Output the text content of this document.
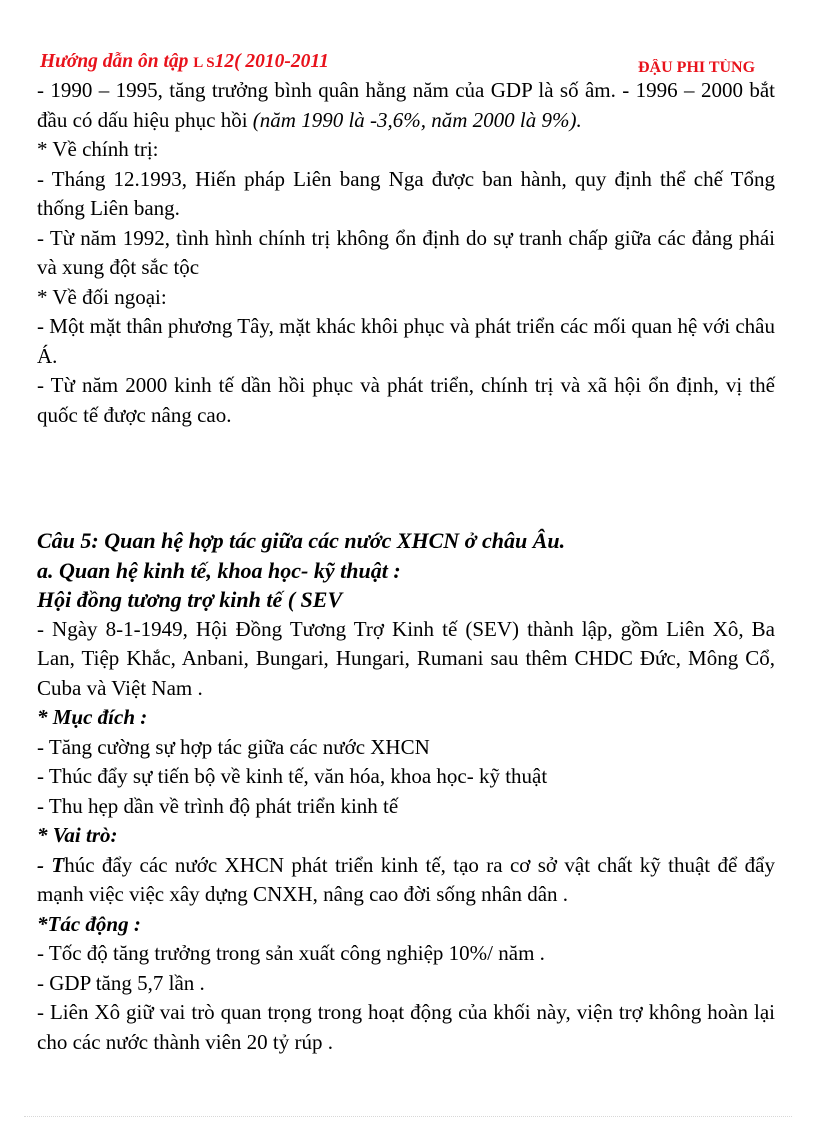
Hướng dẫn ôn tập L S12( 2010-2011	ĐẬU PHI TÙNG

- 1990 – 1995, tăng trưởng bình quân hằng năm của GDP là số âm. - 1996 – 2000 bắt đầu có dấu hiệu phục hồi (năm 1990 là -3,6%, năm 2000 là 9%).

* Về chính trị:

- Tháng 12.1993, Hiến pháp Liên bang Nga được ban hành, quy định thể chế Tổng thống Liên bang.

- Từ năm 1992, tình hình chính trị không ổn định do sự tranh chấp giữa các đảng phái và xung đột sắc tộc

* Về đối ngoại:

- Một mặt thân phương Tây, mặt khác khôi phục và phát triển các mối quan hệ với châu Á.

- Từ năm 2000 kinh tế dần hồi phục và phát triển, chính trị và xã hội ổn định, vị thế quốc tế được nâng cao.

Câu 5: Quan hệ hợp tác giữa các nước XHCN ở châu Âu.

a. Quan hệ kinh tế, khoa học- kỹ thuật :

Hội đồng tương trợ kinh tế ( SEV

- Ngày 8-1-1949, Hội Đồng Tương Trợ Kinh tế (SEV) thành lập, gồm Liên Xô, Ba Lan, Tiệp Khắc, Anbani, Bungari, Hungari, Rumani sau thêm CHDC Đức, Mông Cổ, Cuba và Việt Nam .

* Mục đích :

- Tăng cường sự hợp tác giữa các nước XHCN

- Thúc đẩy sự tiến bộ về kinh tế, văn hóa, khoa học- kỹ thuật

- Thu hẹp dần về trình độ phát triển kinh tế

* Vai trò:

- Thúc đẩy các nước XHCN phát triển kinh tế, tạo ra cơ sở vật chất kỹ thuật để đẩy mạnh việc việc xây dựng CNXH, nâng cao đời sống nhân dân .

*Tác động :

- Tốc độ tăng trưởng trong sản xuất công nghiệp 10%/ năm .

- GDP tăng 5,7 lần .

- Liên Xô giữ vai trò quan trọng trong hoạt động của khối này, viện trợ không hoàn lại cho các nước thành viên 20 tỷ rúp .
